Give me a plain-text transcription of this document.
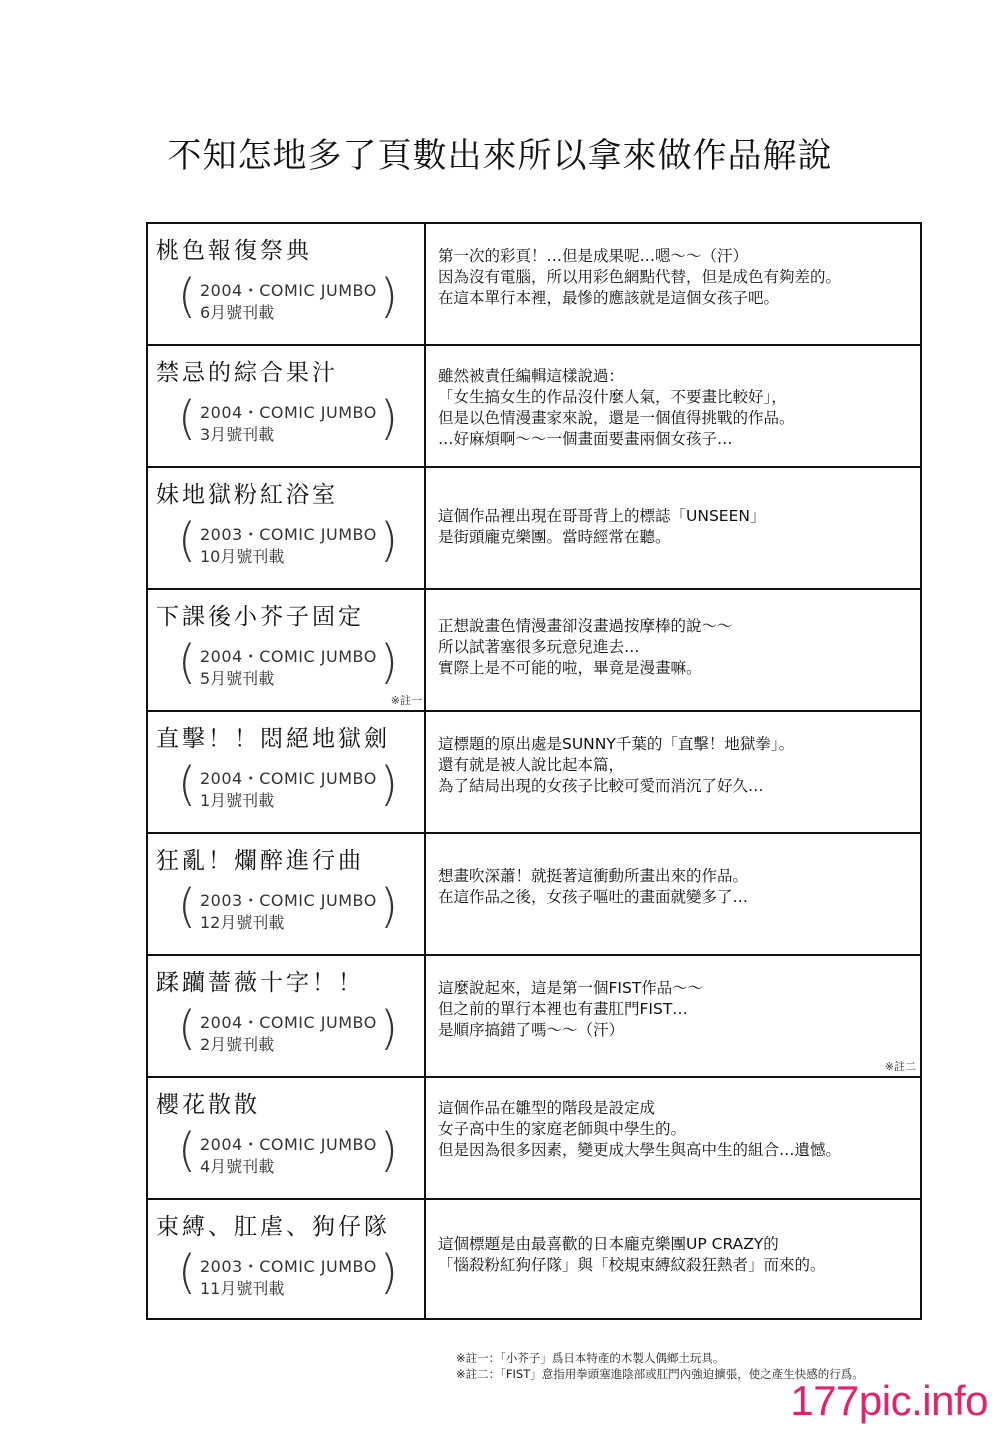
不知怎地多了頁數出來所以拿來做作品解說
桃色報復祭典
( 2004・COMIC JUMBO
6月號刊載 )
第一次的彩頁！…但是成果呢…嗯～～（汗）
因為沒有電腦，所以用彩色網點代替，但是成色有夠差的。
在這本單行本裡，最慘的應該就是這個女孩子吧。
禁忌的綜合果汁
( 2004・COMIC JUMBO
3月號刊載 )
雖然被責任編輯這樣說過：
「女生搞女生的作品沒什麼人氣，不要畫比較好」，
但是以色情漫畫家來說，還是一個值得挑戰的作品。
…好麻煩啊～～一個畫面要畫兩個女孩子…
妹地獄粉紅浴室
( 2003・COMIC JUMBO
10月號刊載 )	這個作品裡出現在哥哥背上的標誌「UNSEEN」
是街頭龐克樂團。當時經常在聽。
下課後小芥子固定
( 2004・COMIC JUMBO
5月號刊載 )
※註一
正想說畫色情漫畫卻沒畫過按摩棒的說～～
所以試著塞很多玩意兒進去…
實際上是不可能的啦，畢竟是漫畫嘛。
直擊！！悶絕地獄劍
( 2004・COMIC JUMBO
1月號刊載 )
這標題的原出處是SUNNY千葉的「直擊！地獄拳」。
還有就是被人說比起本篇，
為了結局出現的女孩子比較可愛而消沉了好久…
狂亂！爛醉進行曲
( 2003・COMIC JUMBO
12月號刊載 )
想畫吹深蕭！就挺著這衝動所畫出來的作品。
在這作品之後，女孩子嘔吐的畫面就變多了…
蹂躪薔薇十字！！
( 2004・COMIC JUMBO
2月號刊載 )
這麼說起來，這是第一個FIST作品～～
但之前的單行本裡也有畫肛門FIST…
是順序搞錯了嗎～～（汗）
※註二
櫻花散散
( 2004・COMIC JUMBO
4月號刊載 )
這個作品在雛型的階段是設定成
女子高中生的家庭老師與中學生的。
但是因為很多因素，變更成大學生與高中生的組合…遺憾。
束縛、肛虐、狗仔隊
( 2003・COMIC JUMBO
11月號刊載 )
這個標題是由最喜歡的日本龐克樂團UP CRAZY的
「惱殺粉紅狗仔隊」與「校規束縛紋殺狂熱者」而來的。
※註一：「小芥子」爲日本特產的木製人偶鄉土玩具。
※註二：「FIST」意指用拳頭塞進陰部或肛門內強迫擴張，使之產生快感的行爲。
177pic.info
